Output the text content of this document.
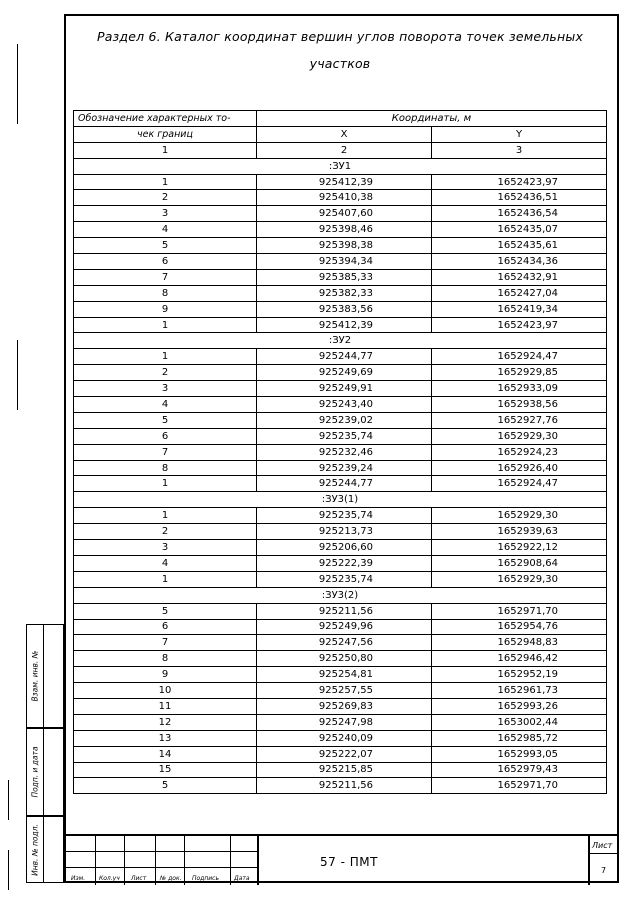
Раздел 6. Каталог координат вершин углов поворота точек земельных
участков
Обозначение характерных то-	Координаты, м	
чек границ	X	Y
1	2	3
:ЗУ1		
1	925412,39	1652423,97
2	925410,38	1652436,51
3	925407,60	1652436,54
4	925398,46	1652435,07
5	925398,38	1652435,61
6	925394,34	1652434,36
7	925385,33	1652432,91
8	925382,33	1652427,04
9	925383,56	1652419,34
1	925412,39	1652423,97
:ЗУ2		
1	925244,77	1652924,47
2	925249,69	1652929,85
3	925249,91	1652933,09
4	925243,40	1652938,56
5	925239,02	1652927,76
6	925235,74	1652929,30
7	925232,46	1652924,23
8	925239,24	1652926,40
1	925244,77	1652924,47
:ЗУ3(1)		
1	925235,74	1652929,30
2	925213,73	1652939,63
3	925206,60	1652922,12
4	925222,39	1652908,64
1	925235,74	1652929,30
:ЗУ3(2)		
5	925211,56	1652971,70
6	925249,96	1652954,76
7	925247,56	1652948,83
8	925250,80	1652946,42
9	925254,81	1652952,19
10	925257,55	1652961,73
11	925269,83	1652993,26
12	925247,98	1653002,44
13	925240,09	1652985,72
14	925222,07	1652993,05
15	925215,85	1652979,43
5	925211,56	1652971,70
Взам. инв. №
Подп. и дата
Инв. № подл.
Изм. Кол.уч Лист № док. Подпись	Дата
57 - ПМТ
Лист
7
